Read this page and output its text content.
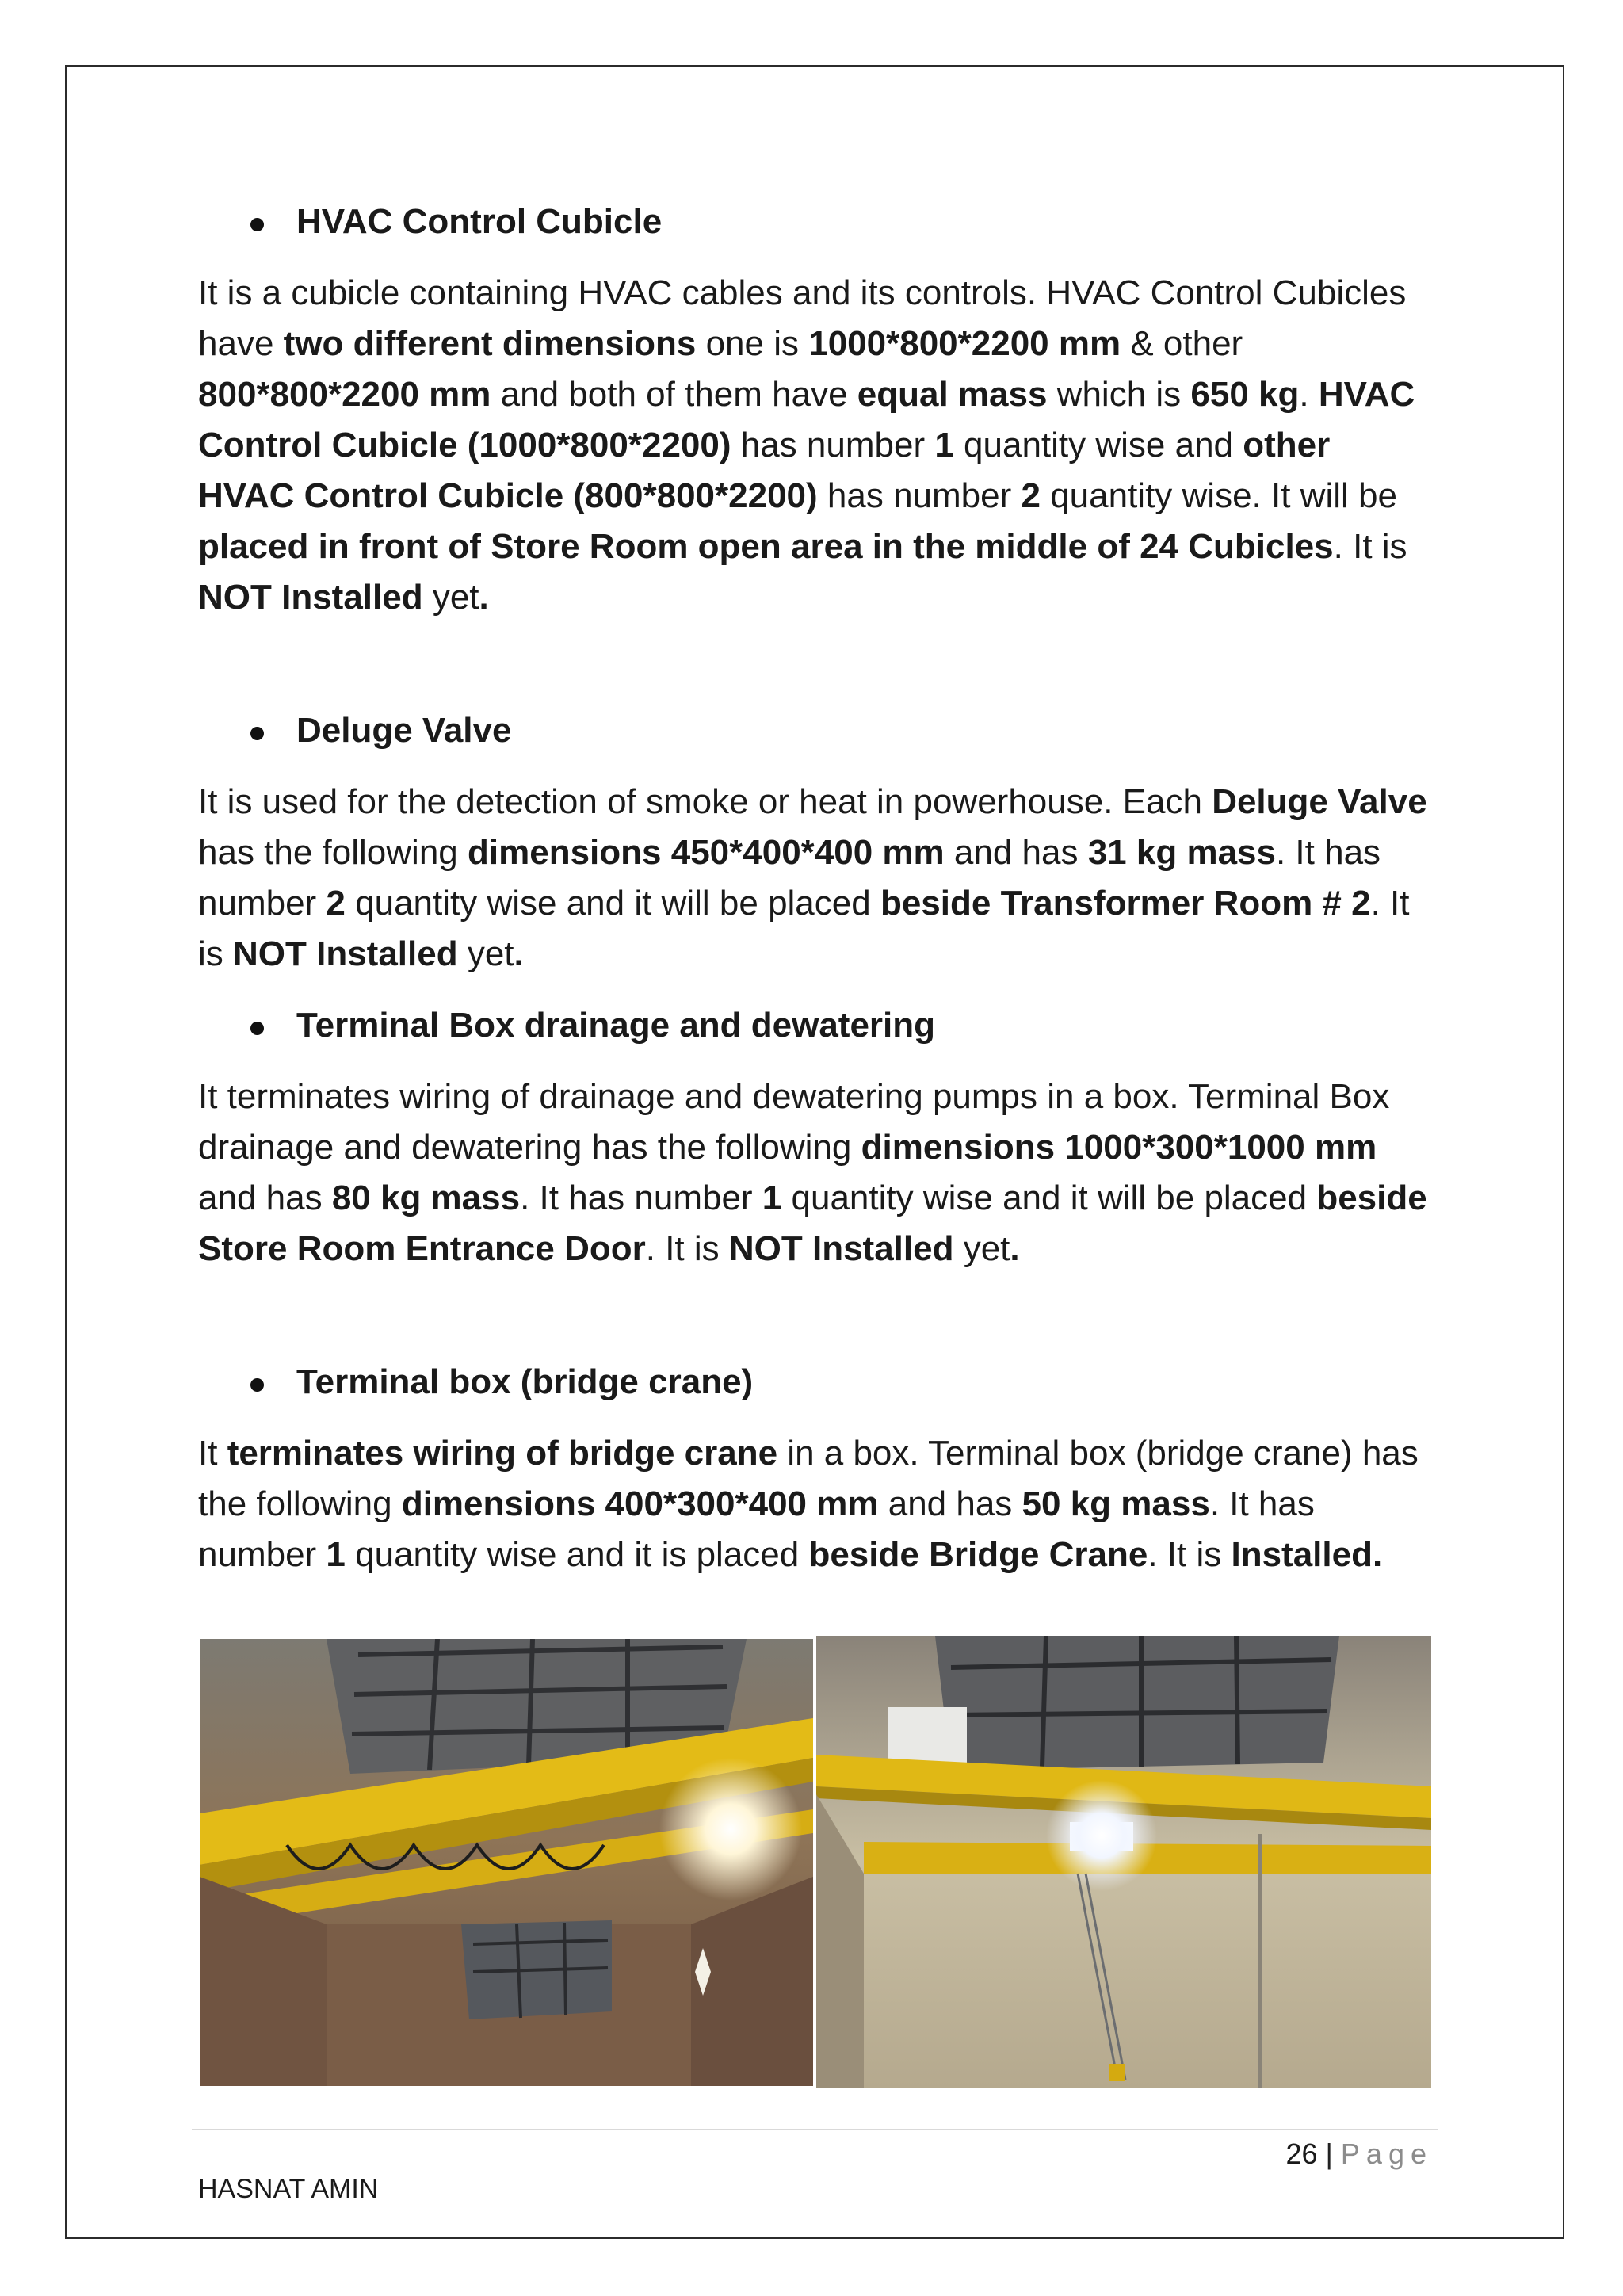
HVAC Control Cubicle

It is a cubicle containing HVAC cables and its controls. HVAC Control Cubicles have two different dimensions one is 1000*800*2200 mm & other 800*800*2200 mm and both of them have equal mass which is 650 kg. HVAC Control Cubicle (1000*800*2200) has number 1 quantity wise and other HVAC Control Cubicle (800*800*2200) has number 2 quantity wise. It will be placed in front of Store Room open area in the middle of 24 Cubicles. It is NOT Installed yet.

Deluge Valve

It is used for the detection of smoke or heat in powerhouse. Each Deluge Valve has the following dimensions 450*400*400 mm and has 31 kg mass. It has number 2 quantity wise and it will be placed beside Transformer Room # 2. It is NOT Installed yet.

Terminal Box drainage and dewatering

It terminates wiring of drainage and dewatering pumps in a box. Terminal Box drainage and dewatering has the following dimensions 1000*300*1000 mm and has 80 kg mass. It has number 1 quantity wise and it will be placed beside Store Room Entrance Door. It is NOT Installed yet.

Terminal box (bridge crane)

It terminates wiring of bridge crane in a box. Terminal box (bridge crane) has the following dimensions 400*300*400 mm and has 50 kg mass. It has number 1 quantity wise and it is placed beside Bridge Crane. It is Installed.

26 | Page
HASNAT AMIN
